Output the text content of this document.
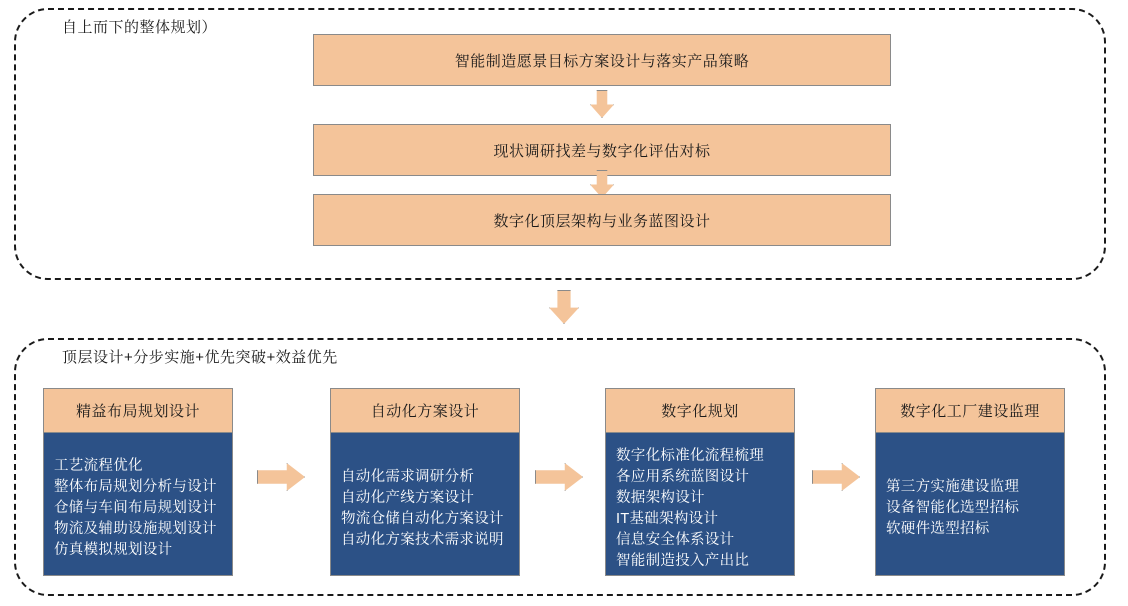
自上而下的整体规划）
智能制造愿景目标方案设计与落实产品策略
现状调研找差与数字化评估对标
数字化顶层架构与业务蓝图设计
顶层设计+分步实施+优先突破+效益优先
精益布局规划设计
工艺流程优化
整体布局规划分析与设计
仓储与车间布局规划设计
物流及辅助设施规划设计
仿真模拟规划设计
自动化方案设计
自动化需求调研分析
自动化产线方案设计
物流仓储自动化方案设计
自动化方案技术需求说明
数字化规划
数字化标准化流程梳理
各应用系统蓝图设计
数据架构设计
IT基础架构设计
信息安全体系设计
智能制造投入产出比
数字化工厂建设监理
第三方实施建设监理
设备智能化选型招标
软硬件选型招标
